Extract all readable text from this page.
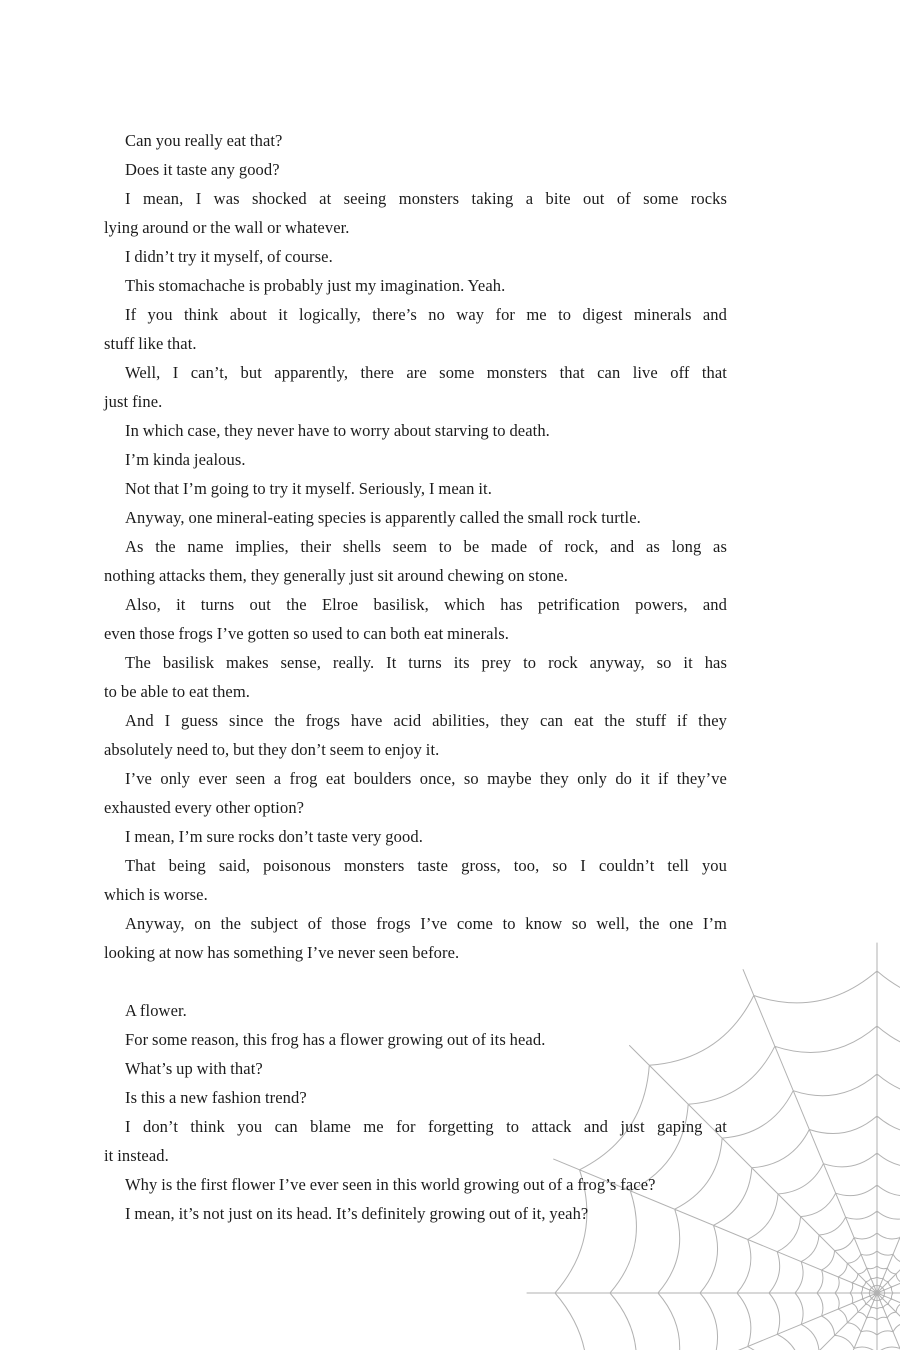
Can you really eat that?
Does it taste any good?
I mean, I was shocked at seeing monsters taking a bite out of some rocks
lying around or the wall or whatever.
I didn’t try it myself, of course.
This stomachache is probably just my imagination. Yeah.
If you think about it logically, there’s no way for me to digest minerals and
stuff like that.
Well, I can’t, but apparently, there are some monsters that can live off that
just fine.
In which case, they never have to worry about starving to death.
I’m kinda jealous.
Not that I’m going to try it myself. Seriously, I mean it.
Anyway, one mineral-eating species is apparently called the small rock turtle.
As the name implies, their shells seem to be made of rock, and as long as
nothing attacks them, they generally just sit around chewing on stone.
Also, it turns out the Elroe basilisk, which has petrification powers, and
even those frogs I’ve gotten so used to can both eat minerals.
The basilisk makes sense, really. It turns its prey to rock anyway, so it has
to be able to eat them.
And I guess since the frogs have acid abilities, they can eat the stuff if they
absolutely need to, but they don’t seem to enjoy it.
I’ve only ever seen a frog eat boulders once, so maybe they only do it if they’ve
exhausted every other option?
I mean, I’m sure rocks don’t taste very good.
That being said, poisonous monsters taste gross, too, so I couldn’t tell you
which is worse.
Anyway, on the subject of those frogs I’ve come to know so well, the one I’m
looking at now has something I’ve never seen before.
A flower.
For some reason, this frog has a flower growing out of its head.
What’s up with that?
Is this a new fashion trend?
I don’t think you can blame me for forgetting to attack and just gaping at
it instead.
Why is the first flower I’ve ever seen in this world growing out of a frog’s face?
I mean, it’s not just on its head. It’s definitely growing out of it, yeah?
